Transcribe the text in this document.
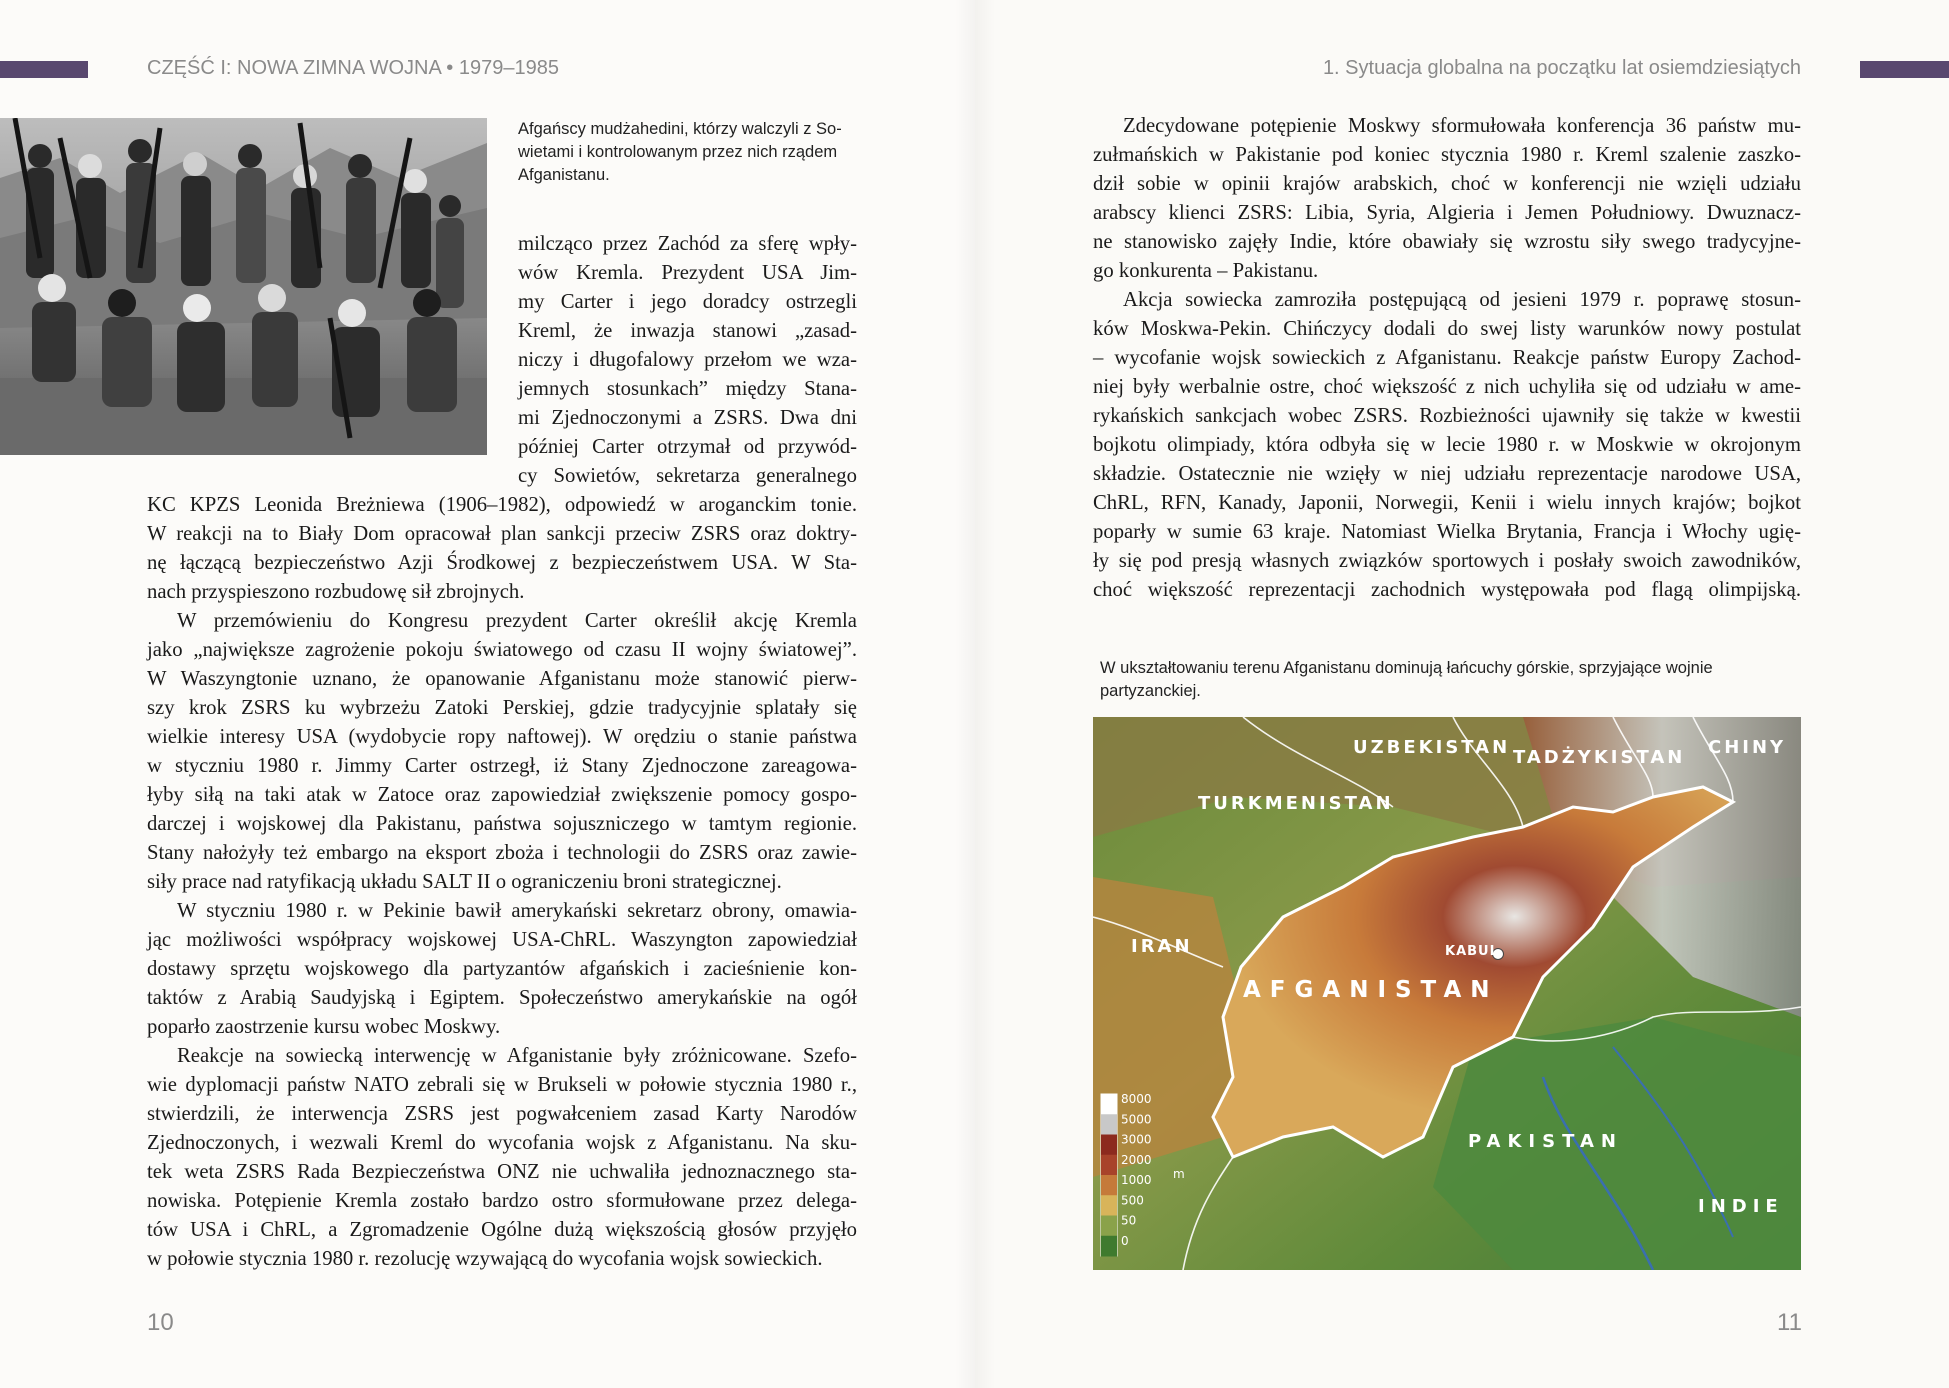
CZĘŚĆ I: NOWA ZIMNA WOJNA • 1979–1985	1. Sytuacja globalna na początku lat osiemdziesiątych
Afgańscy mudżahedini, którzy walczyli z So-
wietami i kontrolowanym przez nich rządem
Afganistanu.
milcząco przez Zachód za sferę wpły-
wów Kremla. Prezydent USA Jim-
my Carter i jego doradcy ostrzegli
Kreml, że inwazja stanowi „zasad-
niczy i długofalowy przełom we wza-
jemnych stosunkach” między Stana-
mi Zjednoczonymi a ZSRS. Dwa dni
później Carter otrzymał od przywód-
cy Sowietów, sekretarza generalnego
KC KPZS Leonida Breżniewa (1906–1982), odpowiedź w aroganckim tonie.
W reakcji na to Biały Dom opracował plan sankcji przeciw ZSRS oraz doktry-
nę łączącą bezpieczeństwo Azji Środkowej z bezpieczeństwem USA. W Sta-
nach przyspieszono rozbudowę sił zbrojnych.
W przemówieniu do Kongresu prezydent Carter określił akcję Kremla
jako „największe zagrożenie pokoju światowego od czasu II wojny światowej”.
W Waszyngtonie uznano, że opanowanie Afganistanu może stanowić pierw-
szy krok ZSRS ku wybrzeżu Zatoki Perskiej, gdzie tradycyjnie splatały się
wielkie interesy USA (wydobycie ropy naftowej). W orędziu o stanie państwa
w styczniu 1980 r. Jimmy Carter ostrzegł, iż Stany Zjednoczone zareagowa-
łyby siłą na taki atak w Zatoce oraz zapowiedział zwiększenie pomocy gospo-
darczej i wojskowej dla Pakistanu, państwa sojuszniczego w tamtym regionie.
Stany nałożyły też embargo na eksport zboża i technologii do ZSRS oraz zawie-
siły prace nad ratyfikacją układu SALT II o ograniczeniu broni strategicznej.
W styczniu 1980 r. w Pekinie bawił amerykański sekretarz obrony, omawia-
jąc możliwości współpracy wojskowej USA-ChRL. Waszyngton zapowiedział
dostawy sprzętu wojskowego dla partyzantów afgańskich i zacieśnienie kon-
taktów z Arabią Saudyjską i Egiptem. Społeczeństwo amerykańskie na ogół
poparło zaostrzenie kursu wobec Moskwy.
Reakcje na sowiecką interwencję w Afganistanie były zróżnicowane. Szefo-
wie dyplomacji państw NATO zebrali się w Brukseli w połowie stycznia 1980 r.,
stwierdzili, że interwencja ZSRS jest pogwałceniem zasad Karty Narodów
Zjednoczonych, i wezwali Kreml do wycofania wojsk z Afganistanu. Na sku-
tek weta ZSRS Rada Bezpieczeństwa ONZ nie uchwaliła jednoznacznego sta-
nowiska. Potępienie Kremla zostało bardzo ostro sformułowane przez delega-
tów USA i ChRL, a Zgromadzenie Ogólne dużą większością głosów przyjęło
w połowie stycznia 1980 r. rezolucję wzywającą do wycofania wojsk sowieckich.
10
Zdecydowane potępienie Moskwy sformułowała konferencja 36 państw mu-
zułmańskich w Pakistanie pod koniec stycznia 1980 r. Kreml szalenie zaszko-
dził sobie w opinii krajów arabskich, choć w konferencji nie wzięli udziału
arabscy klienci ZSRS: Libia, Syria, Algieria i Jemen Południowy. Dwuznacz-
ne stanowisko zajęły Indie, które obawiały się wzrostu siły swego tradycyjne-
go konkurenta – Pakistanu.
Akcja sowiecka zamroziła postępującą od jesieni 1979 r. poprawę stosun-
ków Moskwa-Pekin. Chińczycy dodali do swej listy warunków nowy postulat
– wycofanie wojsk sowieckich z Afganistanu. Reakcje państw Europy Zachod-
niej były werbalnie ostre, choć większość z nich uchyliła się od udziału w ame-
rykańskich sankcjach wobec ZSRS. Rozbieżności ujawniły się także w kwestii
bojkotu olimpiady, która odbyła się w lecie 1980 r. w Moskwie w okrojonym
składzie. Ostatecznie nie wzięły w niej udziału reprezentacje narodowe USA,
ChRL, RFN, Kanady, Japonii, Norwegii, Kenii i wielu innych krajów; bojkot
poparły w sumie 63 kraje. Natomiast Wielka Brytania, Francja i Włochy ugię-
ły się pod presją własnych związków sportowych i posłały swoich zawodników,
choć większość reprezentacji zachodnich występowała pod flagą olimpijską.
W ukształtowaniu terenu Afganistanu dominują łańcuchy górskie, sprzyjające wojnie
partyzanckiej.
UZBEKISTAN TADŻYKISTAN CHINY
TURKMENISTAN
IRAN	KABUL
AFGANISTAN
PAKISTAN
INDIE
8000
5000
3000
2000
1000
500
50
0
m
11
